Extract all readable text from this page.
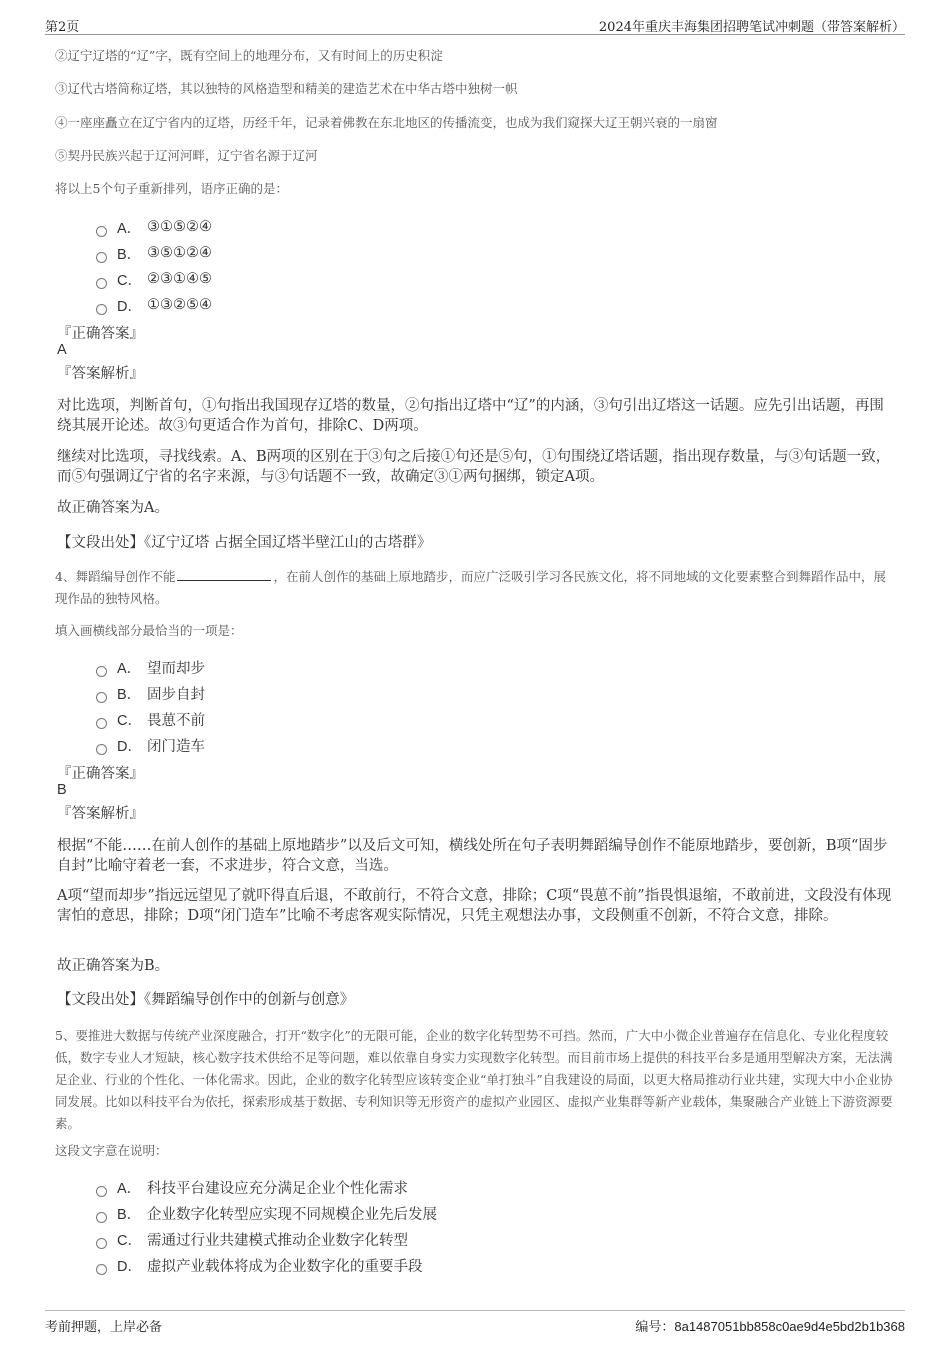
第2页	2024年重庆丰海集团招聘笔试冲刺题（带答案解析）
②辽宁辽塔的“辽”字，既有空间上的地理分布，又有时间上的历史积淀
③辽代古塔简称辽塔，其以独特的风格造型和精美的建造艺术在中华古塔中独树一帜
④一座座矗立在辽宁省内的辽塔，历经千年，记录着佛教在东北地区的传播流变，也成为我们窥探大辽王朝兴衰的一扇窗
⑤契丹民族兴起于辽河河畔，辽宁省名源于辽河
将以上5个句子重新排列，语序正确的是：
A． ③①⑤②④
B． ③⑤①②④
C． ②③①④⑤
D． ①③②⑤④
『正确答案』
A
『答案解析』
对比选项，判断首句，①句指出我国现存辽塔的数量，②句指出辽塔中“辽”的内涵，③句引出辽塔这一话题。应先引出话题，再围绕其展开论述。故③句更适合作为首句，排除C、D两项。
继续对比选项，寻找线索。A、B两项的区别在于③句之后接①句还是⑤句，①句围绕辽塔话题，指出现存数量，与③句话题一致，而⑤句强调辽宁省的名字来源，与③句话题不一致，故确定③①两句捆绑，锁定A项。
故正确答案为A。
【文段出处】《辽宁辽塔 占据全国辽塔半壁江山的古塔群》
4、舞蹈编导创作不能	，在前人创作的基础上原地踏步，而应广泛吸引学习各民族文化，将不同地域的文化要素整合到舞蹈作品中，展现作品的独特风格。
填入画横线部分最恰当的一项是：
A． 望而却步
B． 固步自封
C． 畏葸不前
D． 闭门造车
『正确答案』
B
『答案解析』
根据“不能……在前人创作的基础上原地踏步”以及后文可知，横线处所在句子表明舞蹈编导创作不能原地踏步，要创新，B项“固步自封”比喻守着老一套，不求进步，符合文意，当选。
A项“望而却步”指远远望见了就吓得直后退，不敢前行，不符合文意，排除；C项“畏葸不前”指畏惧退缩，不敢前进，文段没有体现害怕的意思，排除；D项“闭门造车”比喻不考虑客观实际情况，只凭主观想法办事，文段侧重不创新，不符合文意，排除。
故正确答案为B。
【文段出处】《舞蹈编导创作中的创新与创意》
5、要推进大数据与传统产业深度融合，打开“数字化”的无限可能，企业的数字化转型势不可挡。然而，广大中小微企业普遍存在信息化、专业化程度较低，数字专业人才短缺，核心数字技术供给不足等问题，难以依靠自身实力实现数字化转型。而目前市场上提供的科技平台多是通用型解决方案，无法满足企业、行业的个性化、一体化需求。因此，企业的数字化转型应该转变企业“单打独斗”自我建设的局面，以更大格局推动行业共建，实现大中小企业协同发展。比如以科技平台为依托，探索形成基于数据、专利知识等无形资产的虚拟产业园区、虚拟产业集群等新产业载体，集聚融合产业链上下游资源要素。
这段文字意在说明：
A． 科技平台建设应充分满足企业个性化需求
B． 企业数字化转型应实现不同规模企业先后发展
C． 需通过行业共建模式推动企业数字化转型
D． 虚拟产业载体将成为企业数字化的重要手段
考前押题，上岸必备	编号：8a1487051bb858c0ae9d4e5bd2b1b368
